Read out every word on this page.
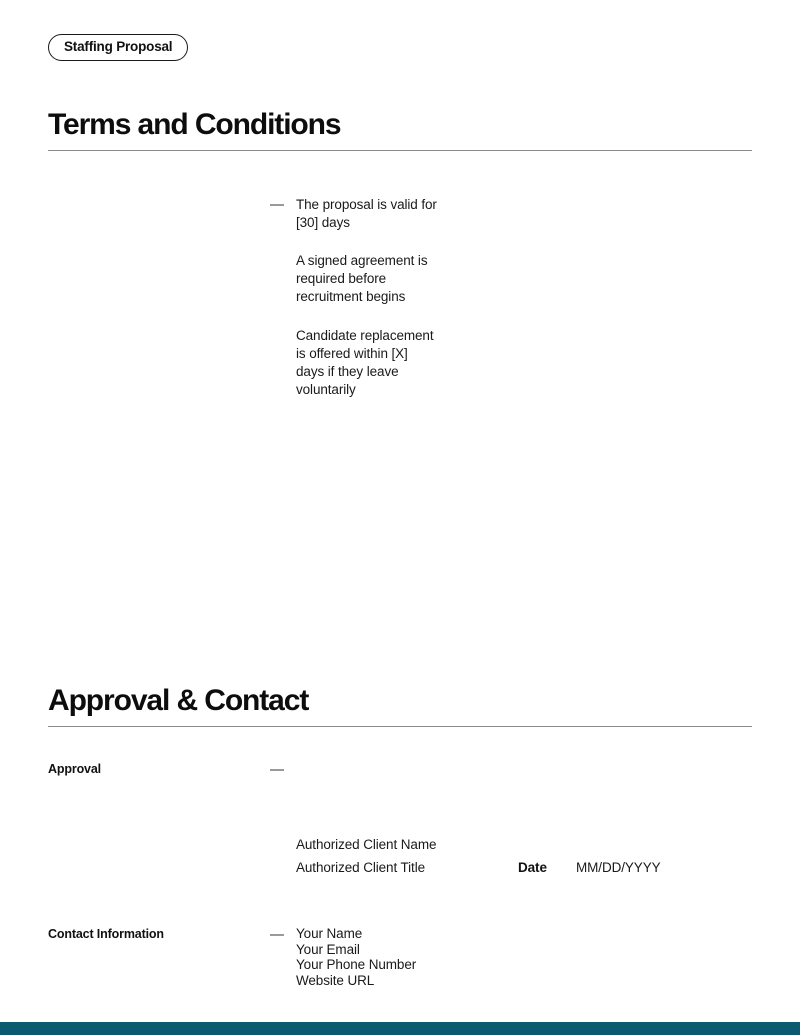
Staffing Proposal
Terms and Conditions
The proposal is valid for [30] days
A signed agreement is required before recruitment begins
Candidate replacement is offered within [X] days if they leave voluntarily
Approval & Contact
Approval
Authorized Client Name
Authorized Client Title	Date	MM/DD/YYYY
Contact Information	Your Name
Your Email
Your Phone Number
Website URL
